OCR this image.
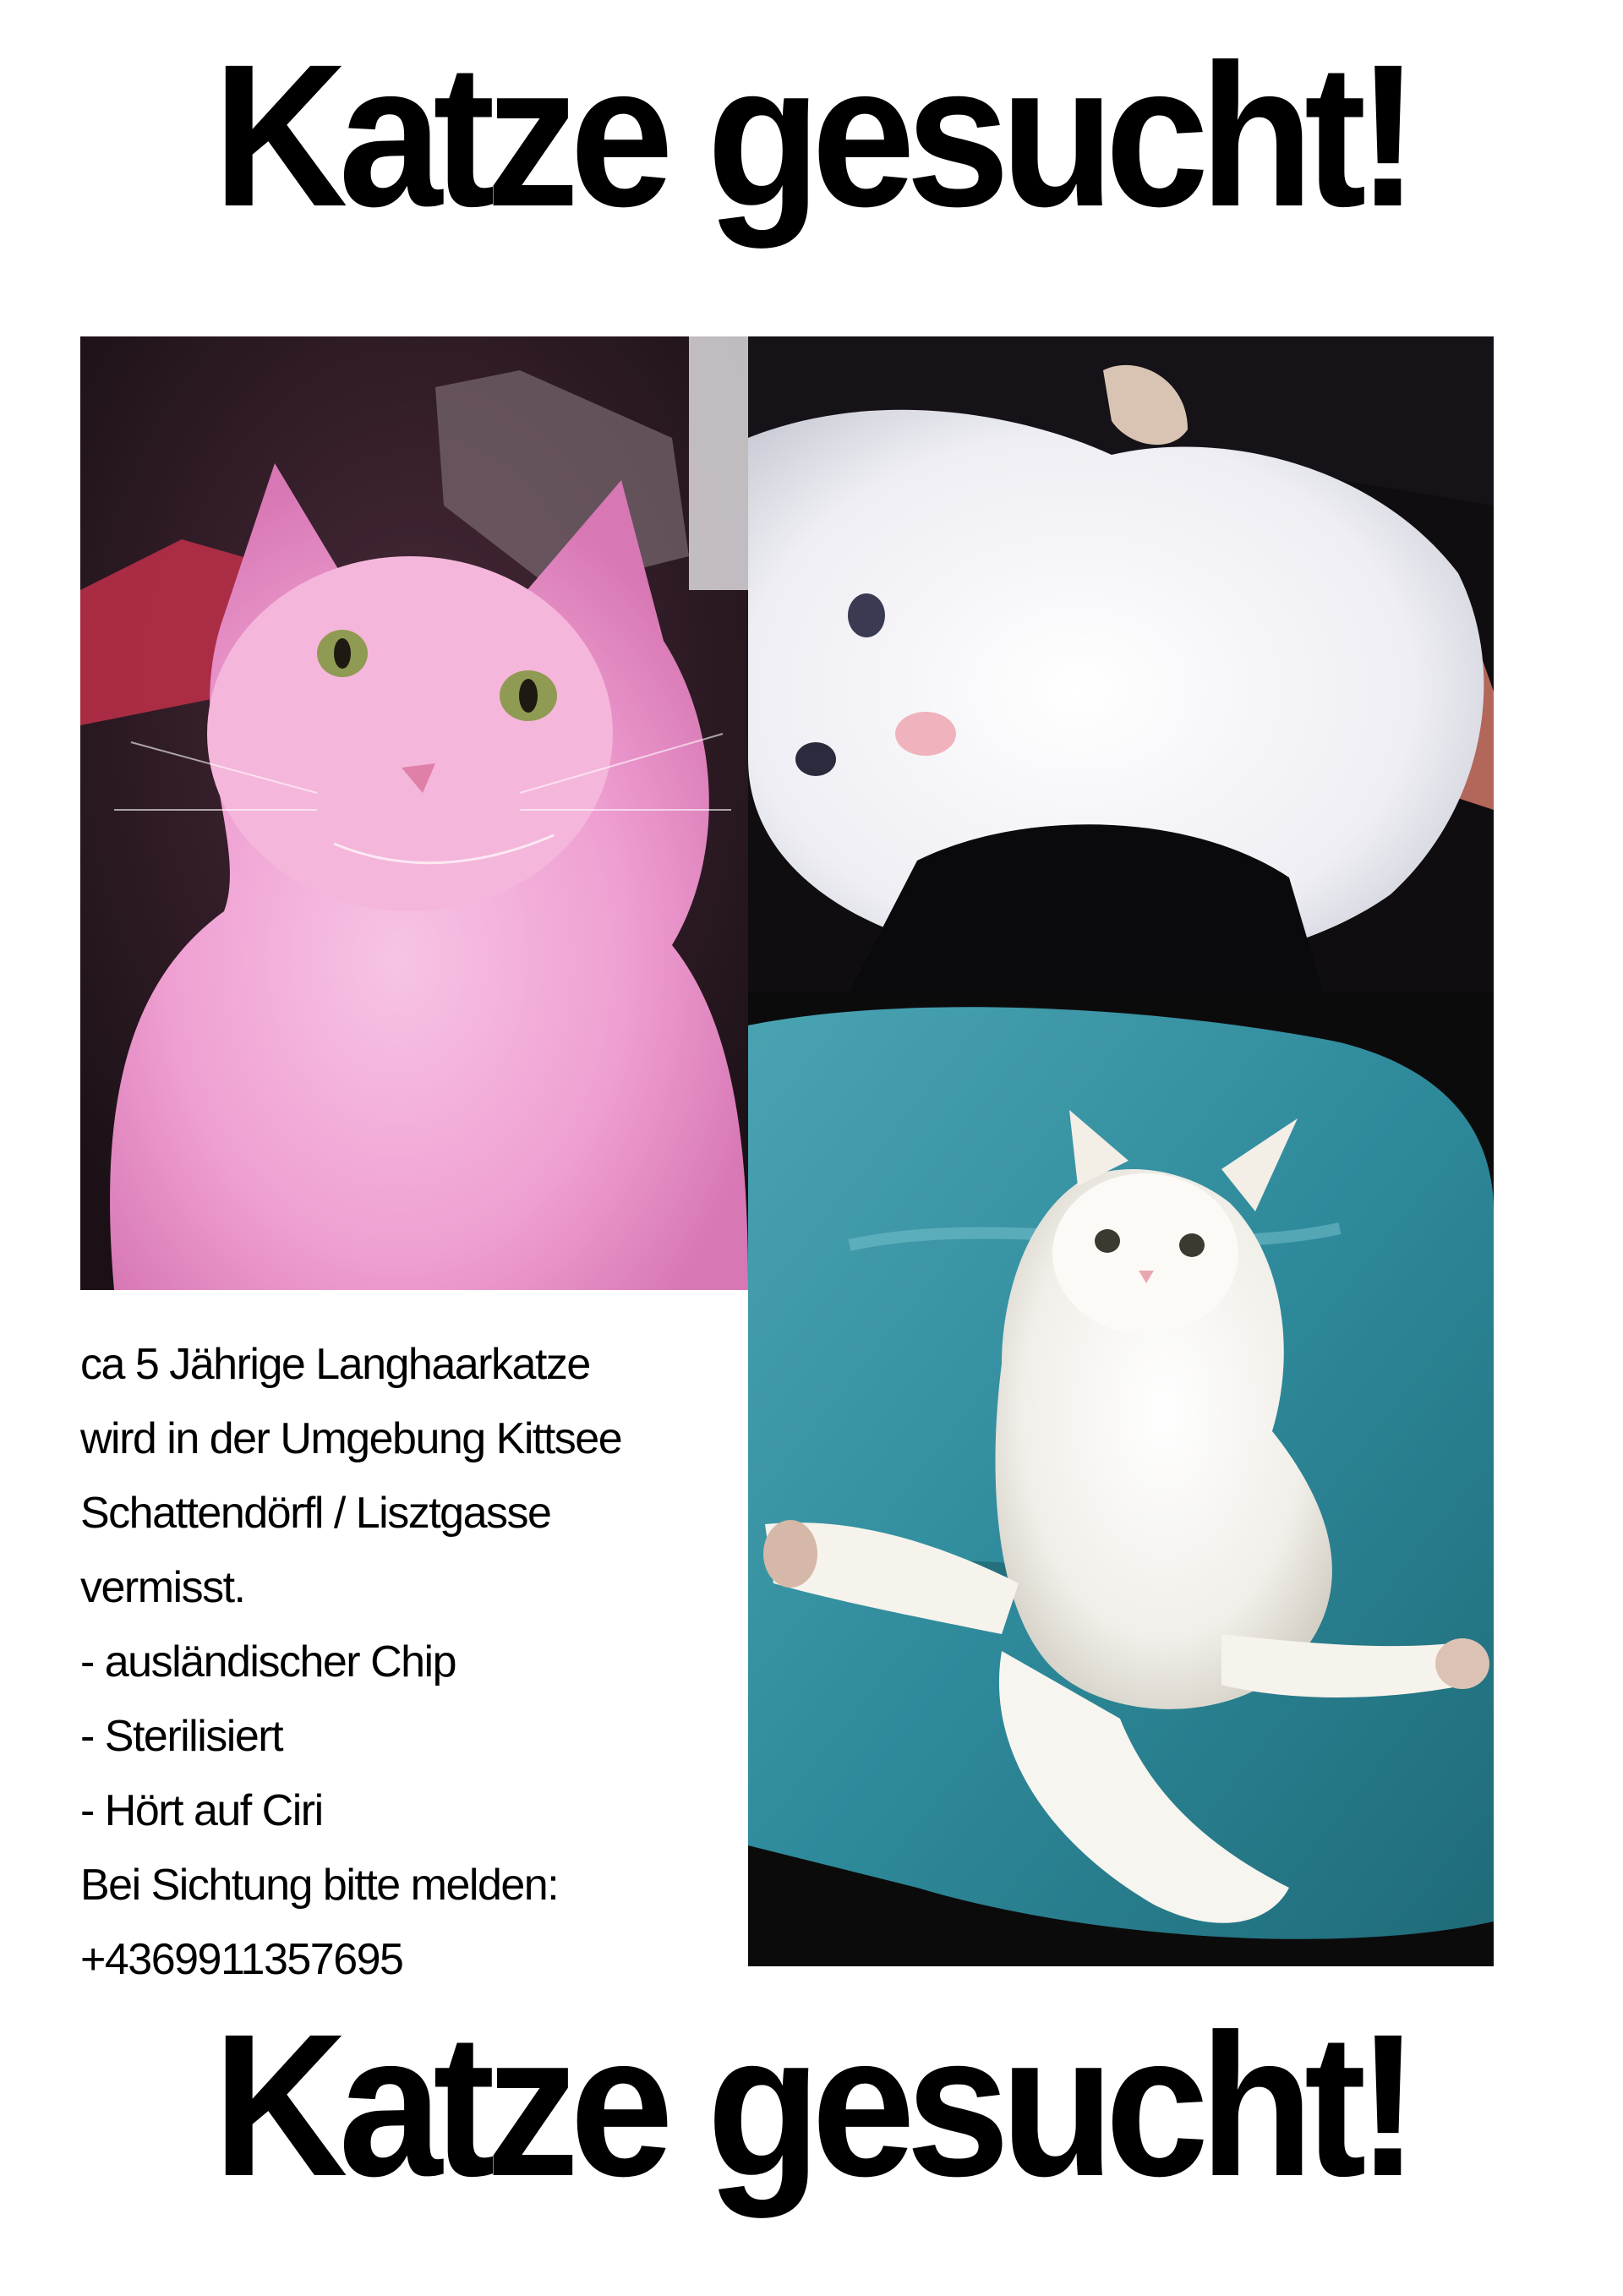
Katze gesucht!
ca 5 Jährige Langhaarkatze
wird in der Umgebung Kittsee
Schattendörfl / Lisztgasse
vermisst.
- ausländischer Chip
- Sterilisiert
- Hört auf Ciri
Bei Sichtung bitte melden:
+4369911357695
Katze gesucht!
